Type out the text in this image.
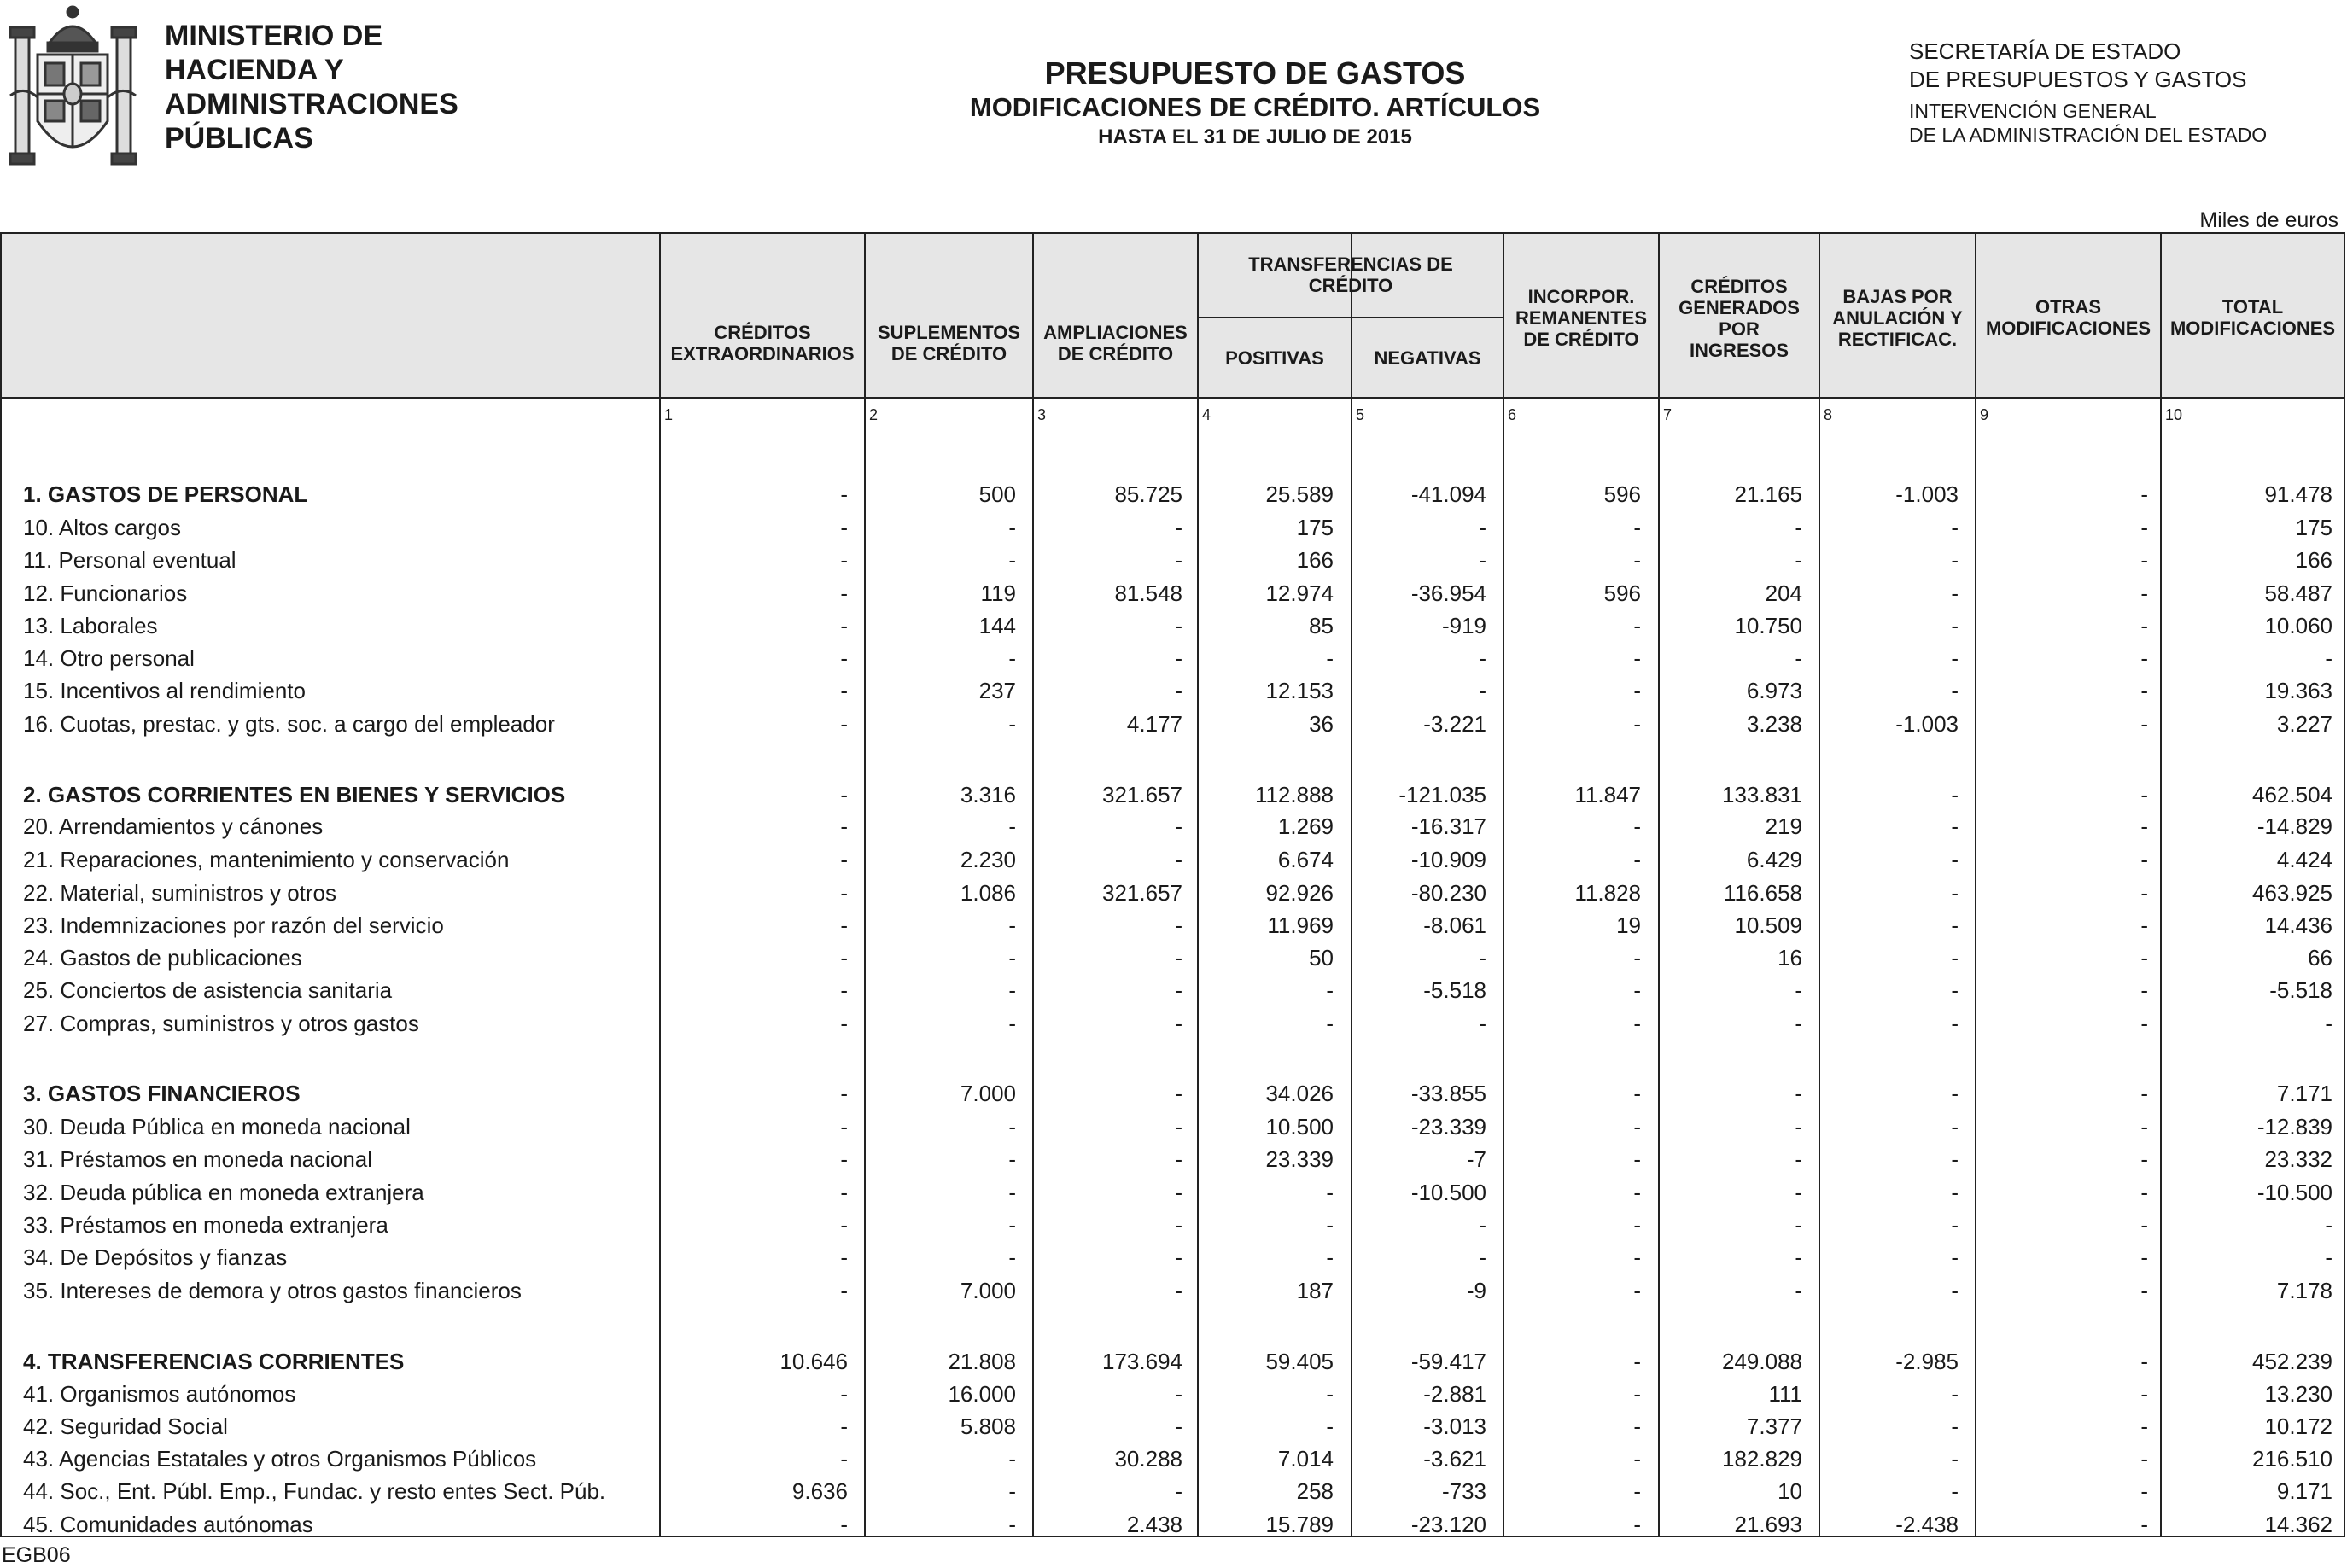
MINISTERIO DE
HACIENDA Y
ADMINISTRACIONES
PÚBLICAS
PRESUPUESTO DE GASTOS
MODIFICACIONES DE CRÉDITO. ARTÍCULOS
HASTA EL 31 DE JULIO DE 2015
SECRETARÍA DE ESTADO
DE PRESUPUESTOS Y GASTOS
INTERVENCIÓN GENERAL
DE LA ADMINISTRACIÓN DEL ESTADO
Miles de euros
CRÉDITOS EXTRAORDINARIOS
SUPLEMENTOS DE CRÉDITO
AMPLIACIONES DE CRÉDITO
TRANSFERENCIAS DE CRÉDITO
POSITIVAS	NEGATIVAS
INCORPOR. REMANENTES DE CRÉDITO
CRÉDITOS GENERADOS POR INGRESOS
BAJAS POR ANULACIÓN Y RECTIFICAC.
OTRAS MODIFICACIONES
TOTAL MODIFICACIONES
1	2	3	4	5	6	7	8	9	10
1. GASTOS DE PERSONAL	-	500	85.725	25.589	-41.094	596	21.165	-1.003	-	91.478
10. Altos cargos	-	-	-	175	-	-	-	-	-	175
11. Personal eventual	-	-	-	166	-	-	-	-	-	166
12. Funcionarios	-	119	81.548	12.974	-36.954	596	204	-	-	58.487
13. Laborales	-	144	-	85	-919	-	10.750	-	-	10.060
14. Otro personal	-	-	-	-	-	-	-	-	-	-
15. Incentivos al rendimiento	-	237	-	12.153	-	-	6.973	-	-	19.363
16. Cuotas, prestac. y gts. soc. a cargo del empleador	-	-	4.177	36	-3.221	-	3.238	-1.003	-	3.227
2. GASTOS CORRIENTES EN BIENES Y SERVICIOS	-	3.316	321.657	112.888	-121.035	11.847	133.831	-	-	462.504
20. Arrendamientos y cánones	-	-	-	1.269	-16.317	-	219	-	-	-14.829
21. Reparaciones, mantenimiento y conservación	-	2.230	-	6.674	-10.909	-	6.429	-	-	4.424
22. Material, suministros y otros	-	1.086	321.657	92.926	-80.230	11.828	116.658	-	-	463.925
23. Indemnizaciones por razón del servicio	-	-	-	11.969	-8.061	19	10.509	-	-	14.436
24. Gastos de publicaciones	-	-	-	50	-	-	16	-	-	66
25. Conciertos de asistencia sanitaria	-	-	-	-	-5.518	-	-	-	-	-5.518
27. Compras, suministros y otros gastos	-	-	-	-	-	-	-	-	-	-
3. GASTOS FINANCIEROS	-	7.000	-	34.026	-33.855	-	-	-	-	7.171
30. Deuda Pública en moneda nacional	-	-	-	10.500	-23.339	-	-	-	-	-12.839
31. Préstamos en moneda nacional	-	-	-	23.339	-7	-	-	-	-	23.332
32. Deuda pública en moneda extranjera	-	-	-	-	-10.500	-	-	-	-	-10.500
33. Préstamos en moneda extranjera	-	-	-	-	-	-	-	-	-	-
34. De Depósitos y fianzas	-	-	-	-	-	-	-	-	-	-
35. Intereses de demora y otros gastos financieros	-	7.000	-	187	-9	-	-	-	-	7.178
4. TRANSFERENCIAS CORRIENTES	10.646	21.808	173.694	59.405	-59.417	-	249.088	-2.985	-	452.239
41. Organismos autónomos	-	16.000	-	-	-2.881	-	111	-	-	13.230
42. Seguridad Social	-	5.808	-	-	-3.013	-	7.377	-	-	10.172
43. Agencias Estatales y otros Organismos Públicos	-	-	30.288	7.014	-3.621	-	182.829	-	-	216.510
44. Soc., Ent. Públ. Emp., Fundac. y resto entes Sect. Púb.	9.636	-	-	258	-733	-	10	-	-	9.171
45. Comunidades autónomas	-	-	2.438	15.789	-23.120	-	21.693	-2.438	-	14.362
EGB06
